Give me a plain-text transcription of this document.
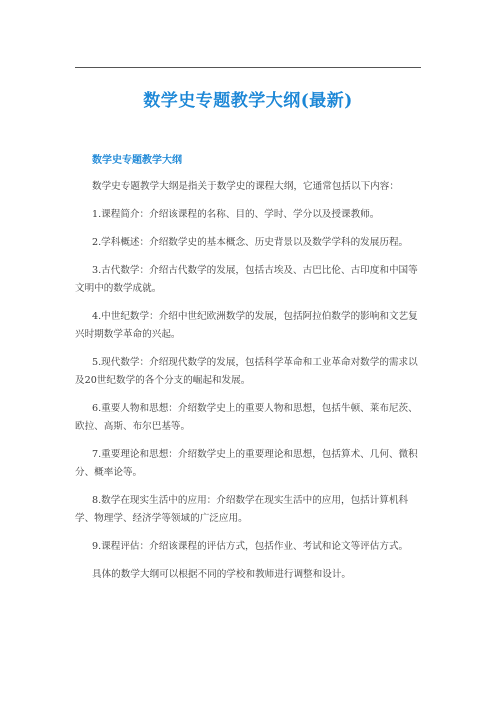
数学史专题教学大纲(最新)
数学史专题教学大纲

数学史专题教学大纲是指关于数学史的课程大纲，它通常包括以下内容：

1.课程简介：介绍该课程的名称、目的、学时、学分以及授课教师。

2.学科概述：介绍数学史的基本概念、历史背景以及数学学科的发展历程。

3.古代数学：介绍古代数学的发展，包括古埃及、古巴比伦、古印度和中国等文明中的数学成就。

4.中世纪数学：介绍中世纪欧洲数学的发展，包括阿拉伯数学的影响和文艺复兴时期数学革命的兴起。

5.现代数学：介绍现代数学的发展，包括科学革命和工业革命对数学的需求以及20世纪数学的各个分支的崛起和发展。

6.重要人物和思想：介绍数学史上的重要人物和思想，包括牛顿、莱布尼茨、欧拉、高斯、布尔巴基等。

7.重要理论和思想：介绍数学史上的重要理论和思想，包括算术、几何、微积分、概率论等。

8.数学在现实生活中的应用：介绍数学在现实生活中的应用，包括计算机科学、物理学、经济学等领域的广泛应用。

9.课程评估：介绍该课程的评估方式，包括作业、考试和论文等评估方式。

具体的数学大纲可以根据不同的学校和教师进行调整和设计。
